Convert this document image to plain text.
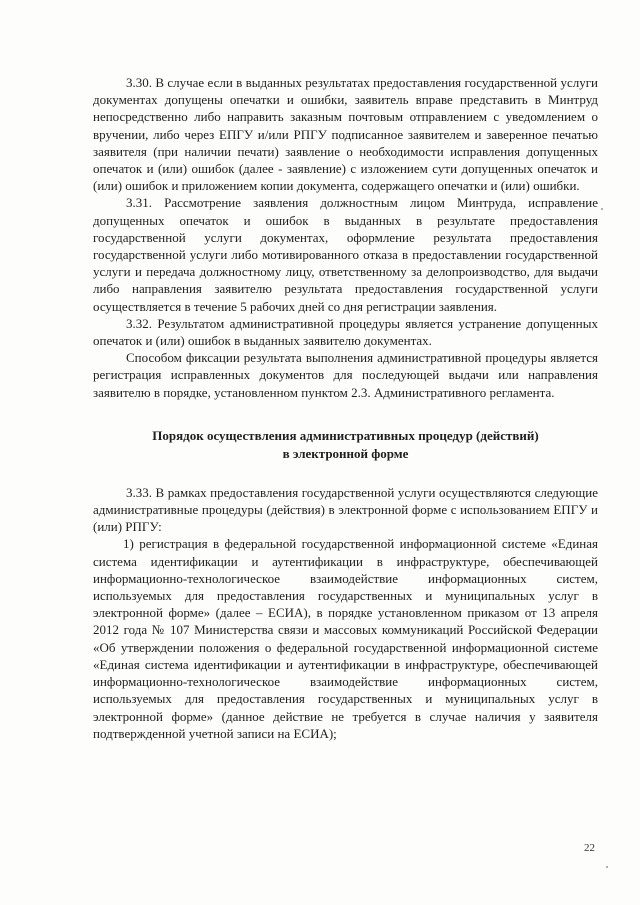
3.30. В случае если в выданных результатах предоставления государственной услуги документах допущены опечатки и ошибки, заявитель вправе представить в Минтруд непосредственно либо направить заказным почтовым отправлением с уведомлением о вручении, либо через ЕПГУ и/или РПГУ подписанное заявителем и заверенное печатью заявителя (при наличии печати) заявление о необходимости исправления допущенных опечаток и (или) ошибок (далее - заявление) с изложением сути допущенных опечаток и (или) ошибок и приложением копии документа, содержащего опечатки и (или) ошибки.

3.31. Рассмотрение заявления должностным лицом Минтруда, исправление допущенных опечаток и ошибок в выданных в результате предоставления государственной услуги документах, оформление результата предоставления государственной услуги либо мотивированного отказа в предоставлении государственной услуги и передача должностному лицу, ответственному за делопроизводство, для выдачи либо направления заявителю результата предоставления государственной услуги осуществляется в течение 5 рабочих дней со дня регистрации заявления.

3.32. Результатом административной процедуры является устранение допущенных опечаток и (или) ошибок в выданных заявителю документах.

Способом фиксации результата выполнения административной процедуры является регистрация исправленных документов для последующей выдачи или направления заявителю в порядке, установленном пунктом 2.3. Административного регламента.

Порядок осуществления административных процедур (действий)
в электронной форме

3.33. В рамках предоставления государственной услуги осуществляются следующие административные процедуры (действия) в электронной форме с использованием ЕПГУ и (или) РПГУ:

1) регистрация в федеральной государственной информационной системе «Единая система идентификации и аутентификации в инфраструктуре, обеспечивающей информационно-технологическое взаимодействие информационных систем, используемых для предоставления государственных и муниципальных услуг в электронной форме» (далее – ЕСИА), в порядке установленном приказом от 13 апреля 2012 года № 107 Министерства связи и массовых коммуникаций Российской Федерации «Об утверждении положения о федеральной государственной информационной системе «Единая система идентификации и аутентификации в инфраструктуре, обеспечивающей информационно-технологическое взаимодействие информационных систем, используемых для предоставления государственных и муниципальных услуг в электронной форме» (данное действие не требуется в случае наличия у заявителя подтвержденной учетной записи на ЕСИА);

22
